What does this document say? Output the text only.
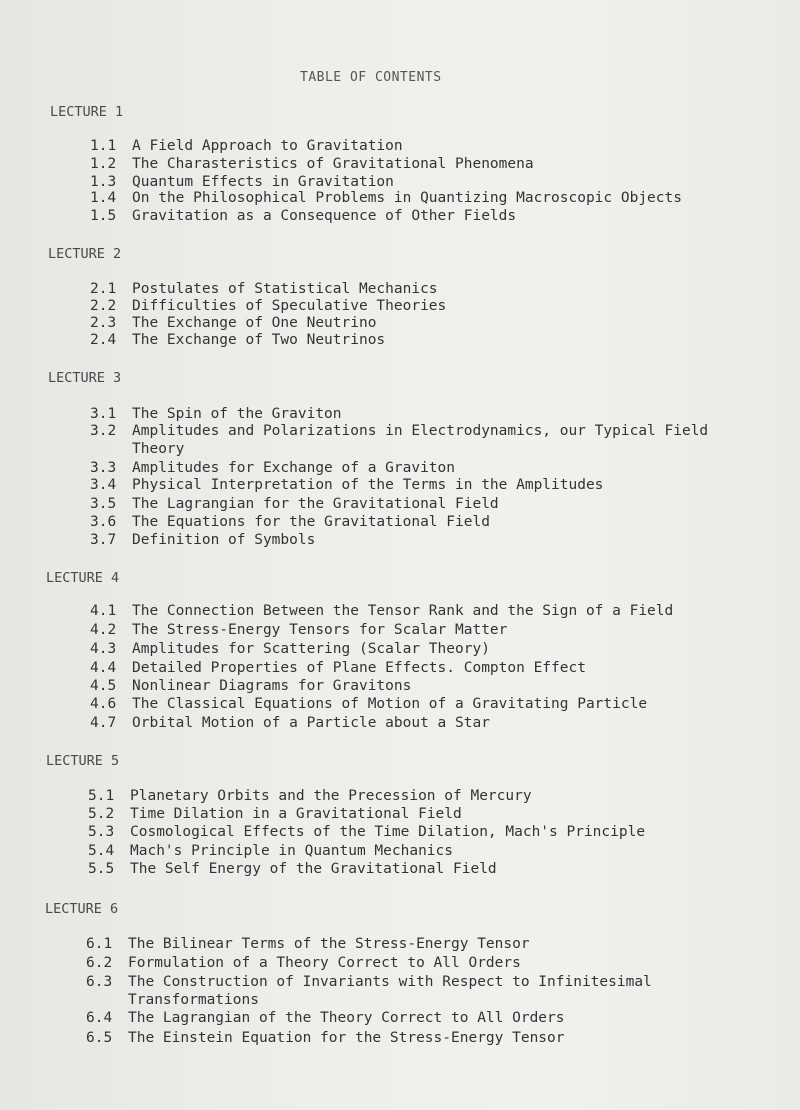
TABLE OF CONTENTS
LECTURE 1
1.1 A Field Approach to Gravitation
1.2 The Charasteristics of Gravitational Phenomena
1.3 Quantum Effects in Gravitation
1.4 On the Philosophical Problems in Quantizing Macroscopic Objects
1.5 Gravitation as a Consequence of Other Fields
LECTURE 2
2.1 Postulates of Statistical Mechanics
2.2 Difficulties of Speculative Theories
2.3 The Exchange of One Neutrino
2.4 The Exchange of Two Neutrinos
LECTURE 3
3.1 The Spin of the Graviton
3.2 Amplitudes and Polarizations in Electrodynamics, our Typical Field
Theory
3.3 Amplitudes for Exchange of a Graviton
3.4 Physical Interpretation of the Terms in the Amplitudes
3.5 The Lagrangian for the Gravitational Field
3.6 The Equations for the Gravitational Field
3.7 Definition of Symbols
LECTURE 4
4.1 The Connection Between the Tensor Rank and the Sign of a Field
4.2 The Stress-Energy Tensors for Scalar Matter
4.3 Amplitudes for Scattering (Scalar Theory)
4.4 Detailed Properties of Plane Effects. Compton Effect
4.5 Nonlinear Diagrams for Gravitons
4.6 The Classical Equations of Motion of a Gravitating Particle
4.7 Orbital Motion of a Particle about a Star
LECTURE 5
5.1 Planetary Orbits and the Precession of Mercury
5.2 Time Dilation in a Gravitational Field
5.3 Cosmological Effects of the Time Dilation, Mach's Principle
5.4 Mach's Principle in Quantum Mechanics
5.5 The Self Energy of the Gravitational Field
LECTURE 6
6.1 The Bilinear Terms of the Stress-Energy Tensor
6.2 Formulation of a Theory Correct to All Orders
6.3 The Construction of Invariants with Respect to Infinitesimal
Transformations
6.4 The Lagrangian of the Theory Correct to All Orders
6.5 The Einstein Equation for the Stress-Energy Tensor
